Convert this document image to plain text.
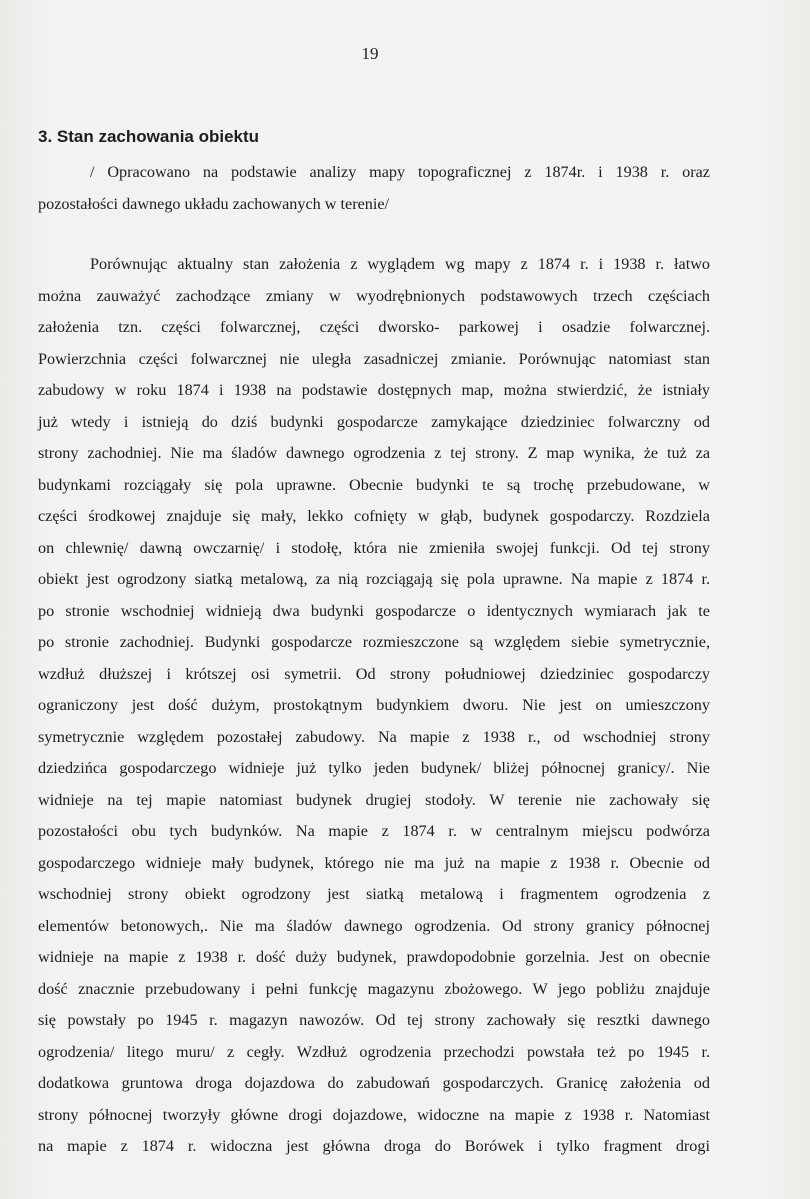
19
3. Stan zachowania obiektu
/ Opracowano na podstawie analizy mapy topograficznej z 1874r. i 1938 r. oraz
pozostałości dawnego układu zachowanych w terenie/
Porównując aktualny stan założenia z wyglądem wg mapy z 1874 r. i 1938 r. łatwo
można zauważyć zachodzące zmiany w wyodrębnionych podstawowych trzech częściach
założenia tzn. części folwarcznej, części dworsko- parkowej i osadzie folwarcznej.
Powierzchnia części folwarcznej nie uległa zasadniczej zmianie. Porównując natomiast stan
zabudowy w roku 1874 i 1938 na podstawie dostępnych map, można stwierdzić, że istniały
już wtedy i istnieją do dziś budynki gospodarcze zamykające dziedziniec folwarczny od
strony zachodniej. Nie ma śladów dawnego ogrodzenia z tej strony. Z map wynika, że tuż za
budynkami rozciągały się pola uprawne. Obecnie budynki te są trochę przebudowane, w
części środkowej znajduje się mały, lekko cofnięty w głąb, budynek gospodarczy. Rozdziela
on chlewnię/ dawną owczarnię/ i stodołę, która nie zmieniła swojej funkcji. Od tej strony
obiekt jest ogrodzony siatką metalową, za nią rozciągają się pola uprawne. Na mapie z 1874 r.
po stronie wschodniej widnieją dwa budynki gospodarcze o identycznych wymiarach jak te
po stronie zachodniej. Budynki gospodarcze rozmieszczone są względem siebie symetrycznie,
wzdłuż dłuższej i krótszej osi symetrii. Od strony południowej dziedziniec gospodarczy
ograniczony jest dość dużym, prostokątnym budynkiem dworu. Nie jest on umieszczony
symetrycznie względem pozostałej zabudowy. Na mapie z 1938 r., od wschodniej strony
dziedzińca gospodarczego widnieje już tylko jeden budynek/ bliżej północnej granicy/. Nie
widnieje na tej mapie natomiast budynek drugiej stodoły. W terenie nie zachowały się
pozostałości obu tych budynków. Na mapie z 1874 r. w centralnym miejscu podwórza
gospodarczego widnieje mały budynek, którego nie ma już na mapie z 1938 r. Obecnie od
wschodniej strony obiekt ogrodzony jest siatką metalową i fragmentem ogrodzenia z
elementów betonowych,. Nie ma śladów dawnego ogrodzenia. Od strony granicy północnej
widnieje na mapie z 1938 r. dość duży budynek, prawdopodobnie gorzelnia. Jest on obecnie
dość znacznie przebudowany i pełni funkcję magazynu zbożowego. W jego pobliżu znajduje
się powstały po 1945 r. magazyn nawozów. Od tej strony zachowały się resztki dawnego
ogrodzenia/ litego muru/ z cegły. Wzdłuż ogrodzenia przechodzi powstała też po 1945 r.
dodatkowa gruntowa droga dojazdowa do zabudowań gospodarczych. Granicę założenia od
strony północnej tworzyły główne drogi dojazdowe, widoczne na mapie z 1938 r. Natomiast
na mapie z 1874 r. widoczna jest główna droga do Borówek i tylko fragment drogi
